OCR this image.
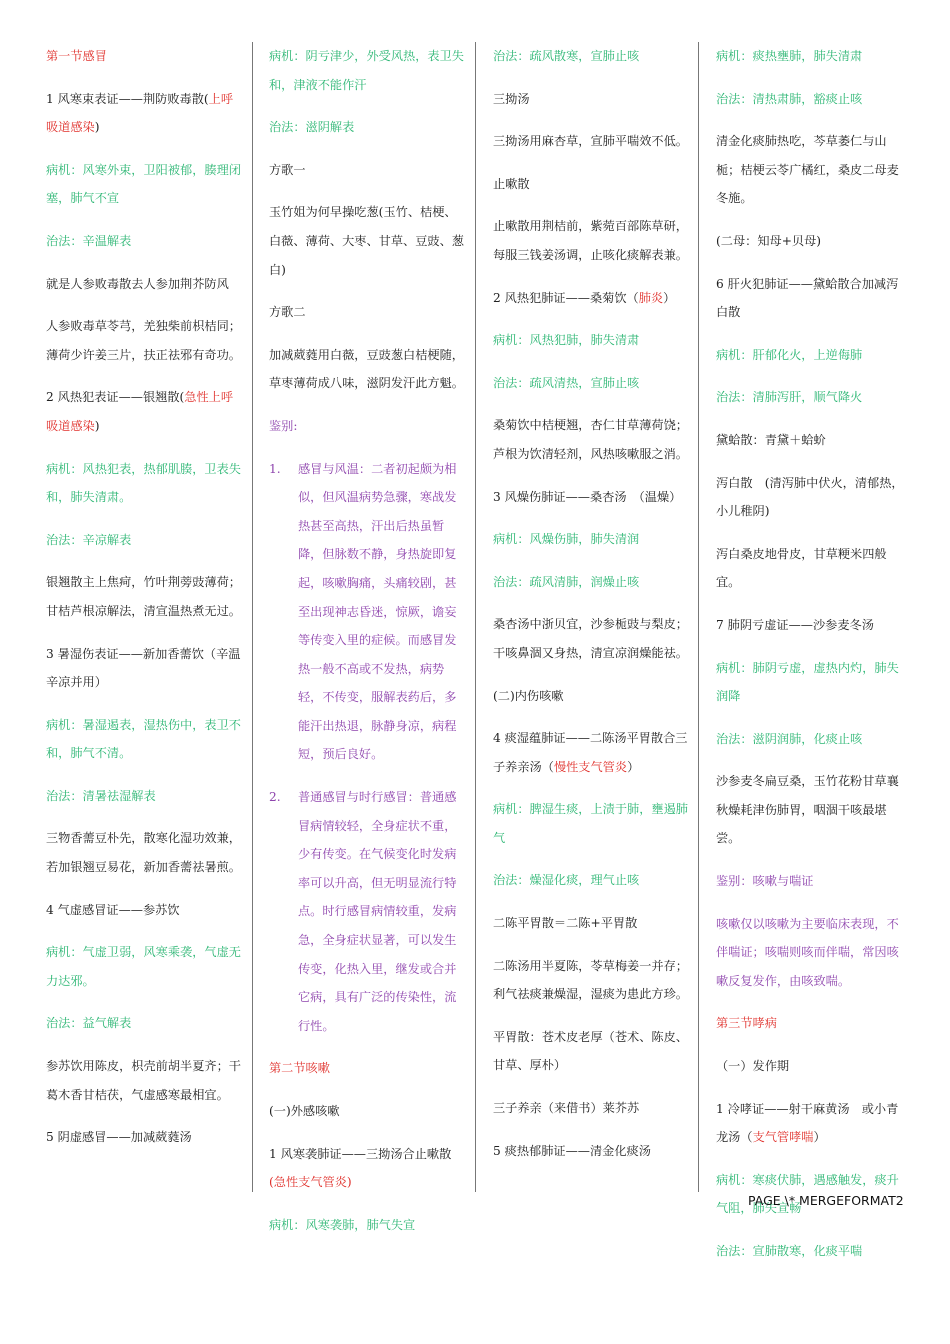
第一节感冒

1 风寒束表证——荆防败毒散(上呼吸道感染)

病机：风寒外束，卫阳被郁，腠理闭塞，肺气不宣

治法：辛温解表

就是人参败毒散去人参加荆芥防风

人参败毒草苓芎，羌独柴前枳桔同；薄荷少许姜三片，扶正祛邪有奇功。

2 风热犯表证——银翘散(急性上呼吸道感染)

病机：风热犯表，热郁肌腠，卫表失和，肺失清肃。

治法：辛凉解表

银翘散主上焦疴，竹叶荆蒡豉薄荷；甘桔芦根凉解法，清宣温热煮无过。

3 暑湿伤表证——新加香薷饮（辛温辛凉并用）

病机：暑湿遏表，湿热伤中，表卫不和，肺气不清。

治法：清暑祛湿解表

三物香薷豆朴先，散寒化湿功效兼，若加银翘豆易花，新加香薷祛暑煎。

4 气虚感冒证——参苏饮

病机：气虚卫弱，风寒乘袭，气虚无力达邪。

治法：益气解表

参苏饮用陈皮，枳壳前胡半夏齐；干葛木香甘桔茯，气虚感寒最相宜。

5 阴虚感冒——加减葳蕤汤

病机：阴亏津少，外受风热，表卫失和，津液不能作汗

治法：滋阴解表

方歌一

玉竹姐为何早操吃葱(玉竹、桔梗、白薇、薄荷、大枣、甘草、豆豉、葱白)

方歌二

加减葳蕤用白薇，豆豉葱白桔梗随，草枣薄荷成八味，滋阴发汗此方魁。

鉴别:

1. 感冒与风温：二者初起颇为相似，但风温病势急骤，寒战发热甚至高热，汗出后热虽暂降，但脉数不静，身热旋即复起，咳嗽胸痛，头痛较剧，甚至出现神志昏迷，惊厥，谵妄等传变入里的症候。而感冒发热一般不高或不发热，病势轻，不传变，服解表药后，多能汗出热退，脉静身凉，病程短，预后良好。
2. 普通感冒与时行感冒：普通感冒病情较轻，全身症状不重，少有传变。在气候变化时发病率可以升高，但无明显流行特点。时行感冒病情较重，发病急，全身症状显著，可以发生传变，化热入里，继发或合并它病，具有广泛的传染性，流行性。

第二节咳嗽

(一)外感咳嗽

1 风寒袭肺证——三拗汤合止嗽散
(急性支气管炎)

病机：风寒袭肺，肺气失宣

治法：疏风散寒，宣肺止咳

三拗汤

三拗汤用麻杏草，宣肺平喘效不低。

止嗽散

止嗽散用荆桔前，紫菀百部陈草研，每服三钱姜汤调，止咳化痰解表兼。

2 风热犯肺证——桑菊饮（肺炎）

病机：风热犯肺，肺失清肃

治法：疏风清热，宣肺止咳

桑菊饮中桔梗翘，杏仁甘草薄荷饶；芦根为饮清轻剂，风热咳嗽服之消。

3 风燥伤肺证——桑杏汤　（温燥）

病机：风燥伤肺，肺失清润

治法：疏风清肺，润燥止咳

桑杏汤中浙贝宜，沙参栀豉与梨皮；干咳鼻涸又身热，清宣凉润燥能祛。

(二)内伤咳嗽

4 痰湿蕴肺证——二陈汤平胃散合三子养亲汤（慢性支气管炎）

病机：脾湿生痰，上渍于肺，壅遏肺气

治法：燥湿化痰，理气止咳

二陈平胃散＝二陈+平胃散

二陈汤用半夏陈，苓草梅姜一并存；利气祛痰兼燥湿，湿痰为患此方珍。

平胃散：苍术皮老厚（苍术、陈皮、甘草、厚朴）

三子养亲（来借书）莱芥苏

5 痰热郁肺证——清金化痰汤

病机：痰热壅肺，肺失清肃

治法：清热肃肺，豁痰止咳

清金化痰肺热吃，芩草萎仁与山栀；桔梗云苓广橘红，桑皮二母麦冬施。

(二母：知母+贝母)

6 肝火犯肺证——黛蛤散合加减泻白散

病机：肝郁化火，上逆侮肺

治法：清肺泻肝，顺气降火

黛蛤散：青黛＋蛤蚧

泻白散　(清泻肺中伏火，清郁热，小儿稚阴)

泻白桑皮地骨皮，甘草粳米四般宜。

7 肺阴亏虚证——沙参麦冬汤

病机：肺阴亏虚，虚热内灼，肺失润降

治法：滋阴润肺，化痰止咳

沙参麦冬扁豆桑，玉竹花粉甘草襄　秋燥耗津伤肺胃，咽涸干咳最堪尝。

鉴别：咳嗽与喘证

咳嗽仅以咳嗽为主要临床表现，不伴喘证；咳喘则咳而伴喘，常因咳嗽反复发作，由咳致喘。

第三节哮病

（一）发作期

1 冷哮证——射干麻黄汤　或小青龙汤（支气管哮喘）

病机：寒痰伏肺，遇感触发，痰升气阻，肺失宣畅

治法：宣肺散寒，化痰平喘

PAGE \* MERGEFORMAT2
